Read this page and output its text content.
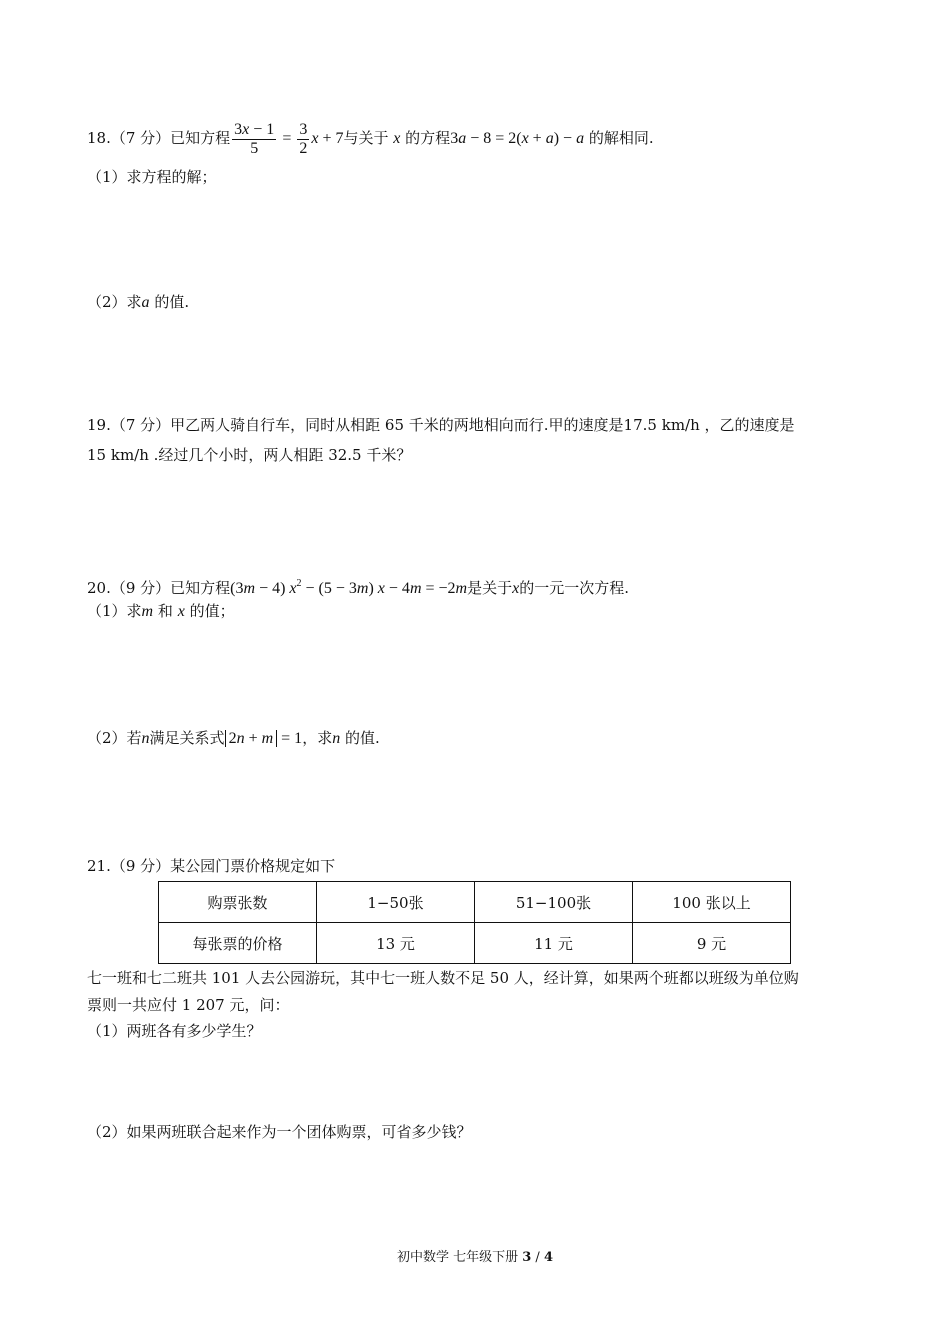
18.（7 分）已知方程 $\frac{3x - 1}{5} = \frac{3}{2}$ x + 7与关于 x 的方程3a − 8 = 2(x + a) − a 的解相同.
（1）求方程的解；
（2）求a 的值.
19.（7 分）甲乙两人骑自行车，同时从相距 65 千米的两地相向而行.甲的速度是17.5 km/h ，乙的速度是
15 km/h .经过几个小时，两人相距 32.5 千米？
20.（9 分）已知方程(3m − 4) $x^2 - (5 - 3m) x - 4m = -2m$是关于x的一元一次方程.
（1）求m 和 x 的值；
（2）若n满足关系式 2n + m = 1，求n 的值.
21.（9 分）某公园门票价格规定如下
购票张数	1−50张	51−100张	100 张以上
每张票的价格	13 元	11 元	9 元
七一班和七二班共 101 人去公园游玩，其中七一班人数不足 50 人，经计算，如果两个班都以班级为单位购
票则一共应付 1 207 元，问：
（1）两班各有多少学生？
（2）如果两班联合起来作为一个团体购票，可省多少钱？
初中数学 七年级下册 3 / 4
